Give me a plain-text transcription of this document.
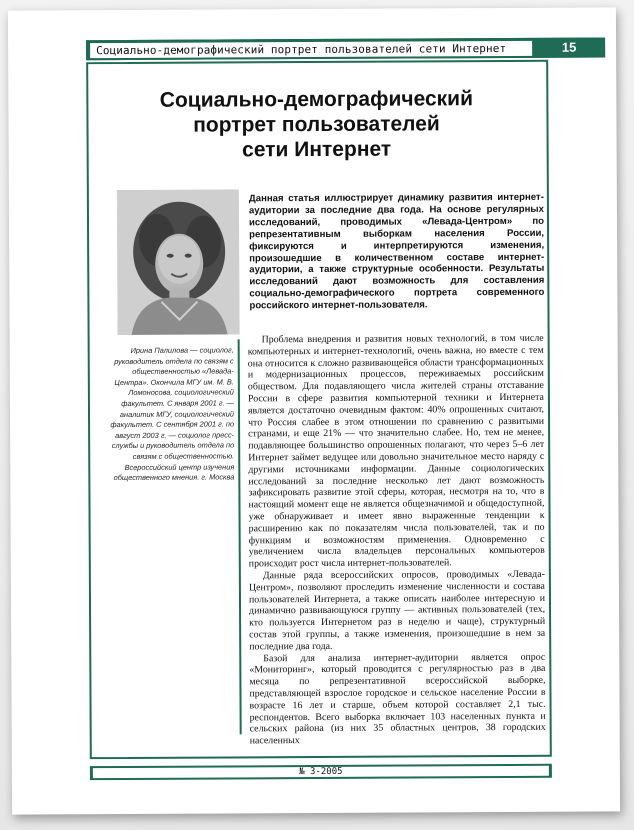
Социально-демографический портрет пользователей сети Интернет	15
Социально-демографический
портрет пользователей
сети Интернет
Данная статья иллюстрирует динамику развития интернет-аудитории за последние два года. На основе регулярных исследований, проводимых «Левада-Центром» по репрезентативным выборкам населения России, фиксируются и интерпретируются изменения, произошедшие в количественном составе интернет-аудитории, а также структурные особенности. Результаты исследований дают возможность для составления социально-демографического портрета современного российского интернет-пользователя.
Ирина Палилова — социолог, руководитель отдела по связям с общественностью «Левада-Центра». Окончила МГУ им. М. В. Ломоносова, социологический факультет. С января 2001 г. — аналитик МГУ, социологический факультет. С сентября 2001 г. по август 2003 г. — социолог пресс-службы и руководитель отдела по связям с общественностью. Всероссийский центр изучения общественного мнения. г. Москва

Проблема внедрения и развития новых технологий, в том числе компьютерных и интернет-технологий, очень важна, но вместе с тем она относится к сложно развивающейся области трансформационных и модернизационных процессов, переживаемых российским обществом. Для подавляющего числа жителей страны отставание России в сфере развития компьютерной техники и Интернета является достаточно очевидным фактом: 40% опрошенных считают, что Россия слабее в этом отношении по сравнению с развитыми странами, и еще 21% — что значительно слабее. Но, тем не менее, подавляющее большинство опрошенных полагают, что через 5–6 лет Интернет займет ведущее или довольно значительное место наряду с другими источниками информации. Данные социологических исследований за последние несколько лет дают возможность зафиксировать развитие этой сферы, которая, несмотря на то, что в настоящий момент еще не является общезначимой и общедоступной, уже обнаруживает и имеет явно выраженные тенденции к расширению как по показателям числа пользователей, так и по функциям и возможностям применения. Одновременно с увеличением числа владельцев персональных компьютеров происходит рост числа интернет-пользователей.

Данные ряда всероссийских опросов, проводимых «Левада-Центром», позволяют проследить изменение численности и состава пользователей Интернета, а также описать наиболее интересную и динамично развивающуюся группу — активных пользователей (тех, кто пользуется Интернетом раз в неделю и чаще), структурный состав этой группы, а также изменения, произошедшие в нем за последние два года.

Базой для анализа интернет-аудитории является опрос «Мониторинг», который проводится с регулярностью раз в два месяца по репрезентативной всероссийской выборке, представляющей взрослое городское и сельское население России в возрасте 16 лет и старше, объем которой составляет 2,1 тыс. респондентов. Всего выборка включает 103 населенных пункта и сельских района (из них 35 областных центров, 38 городских населенных

№ 3-2005
